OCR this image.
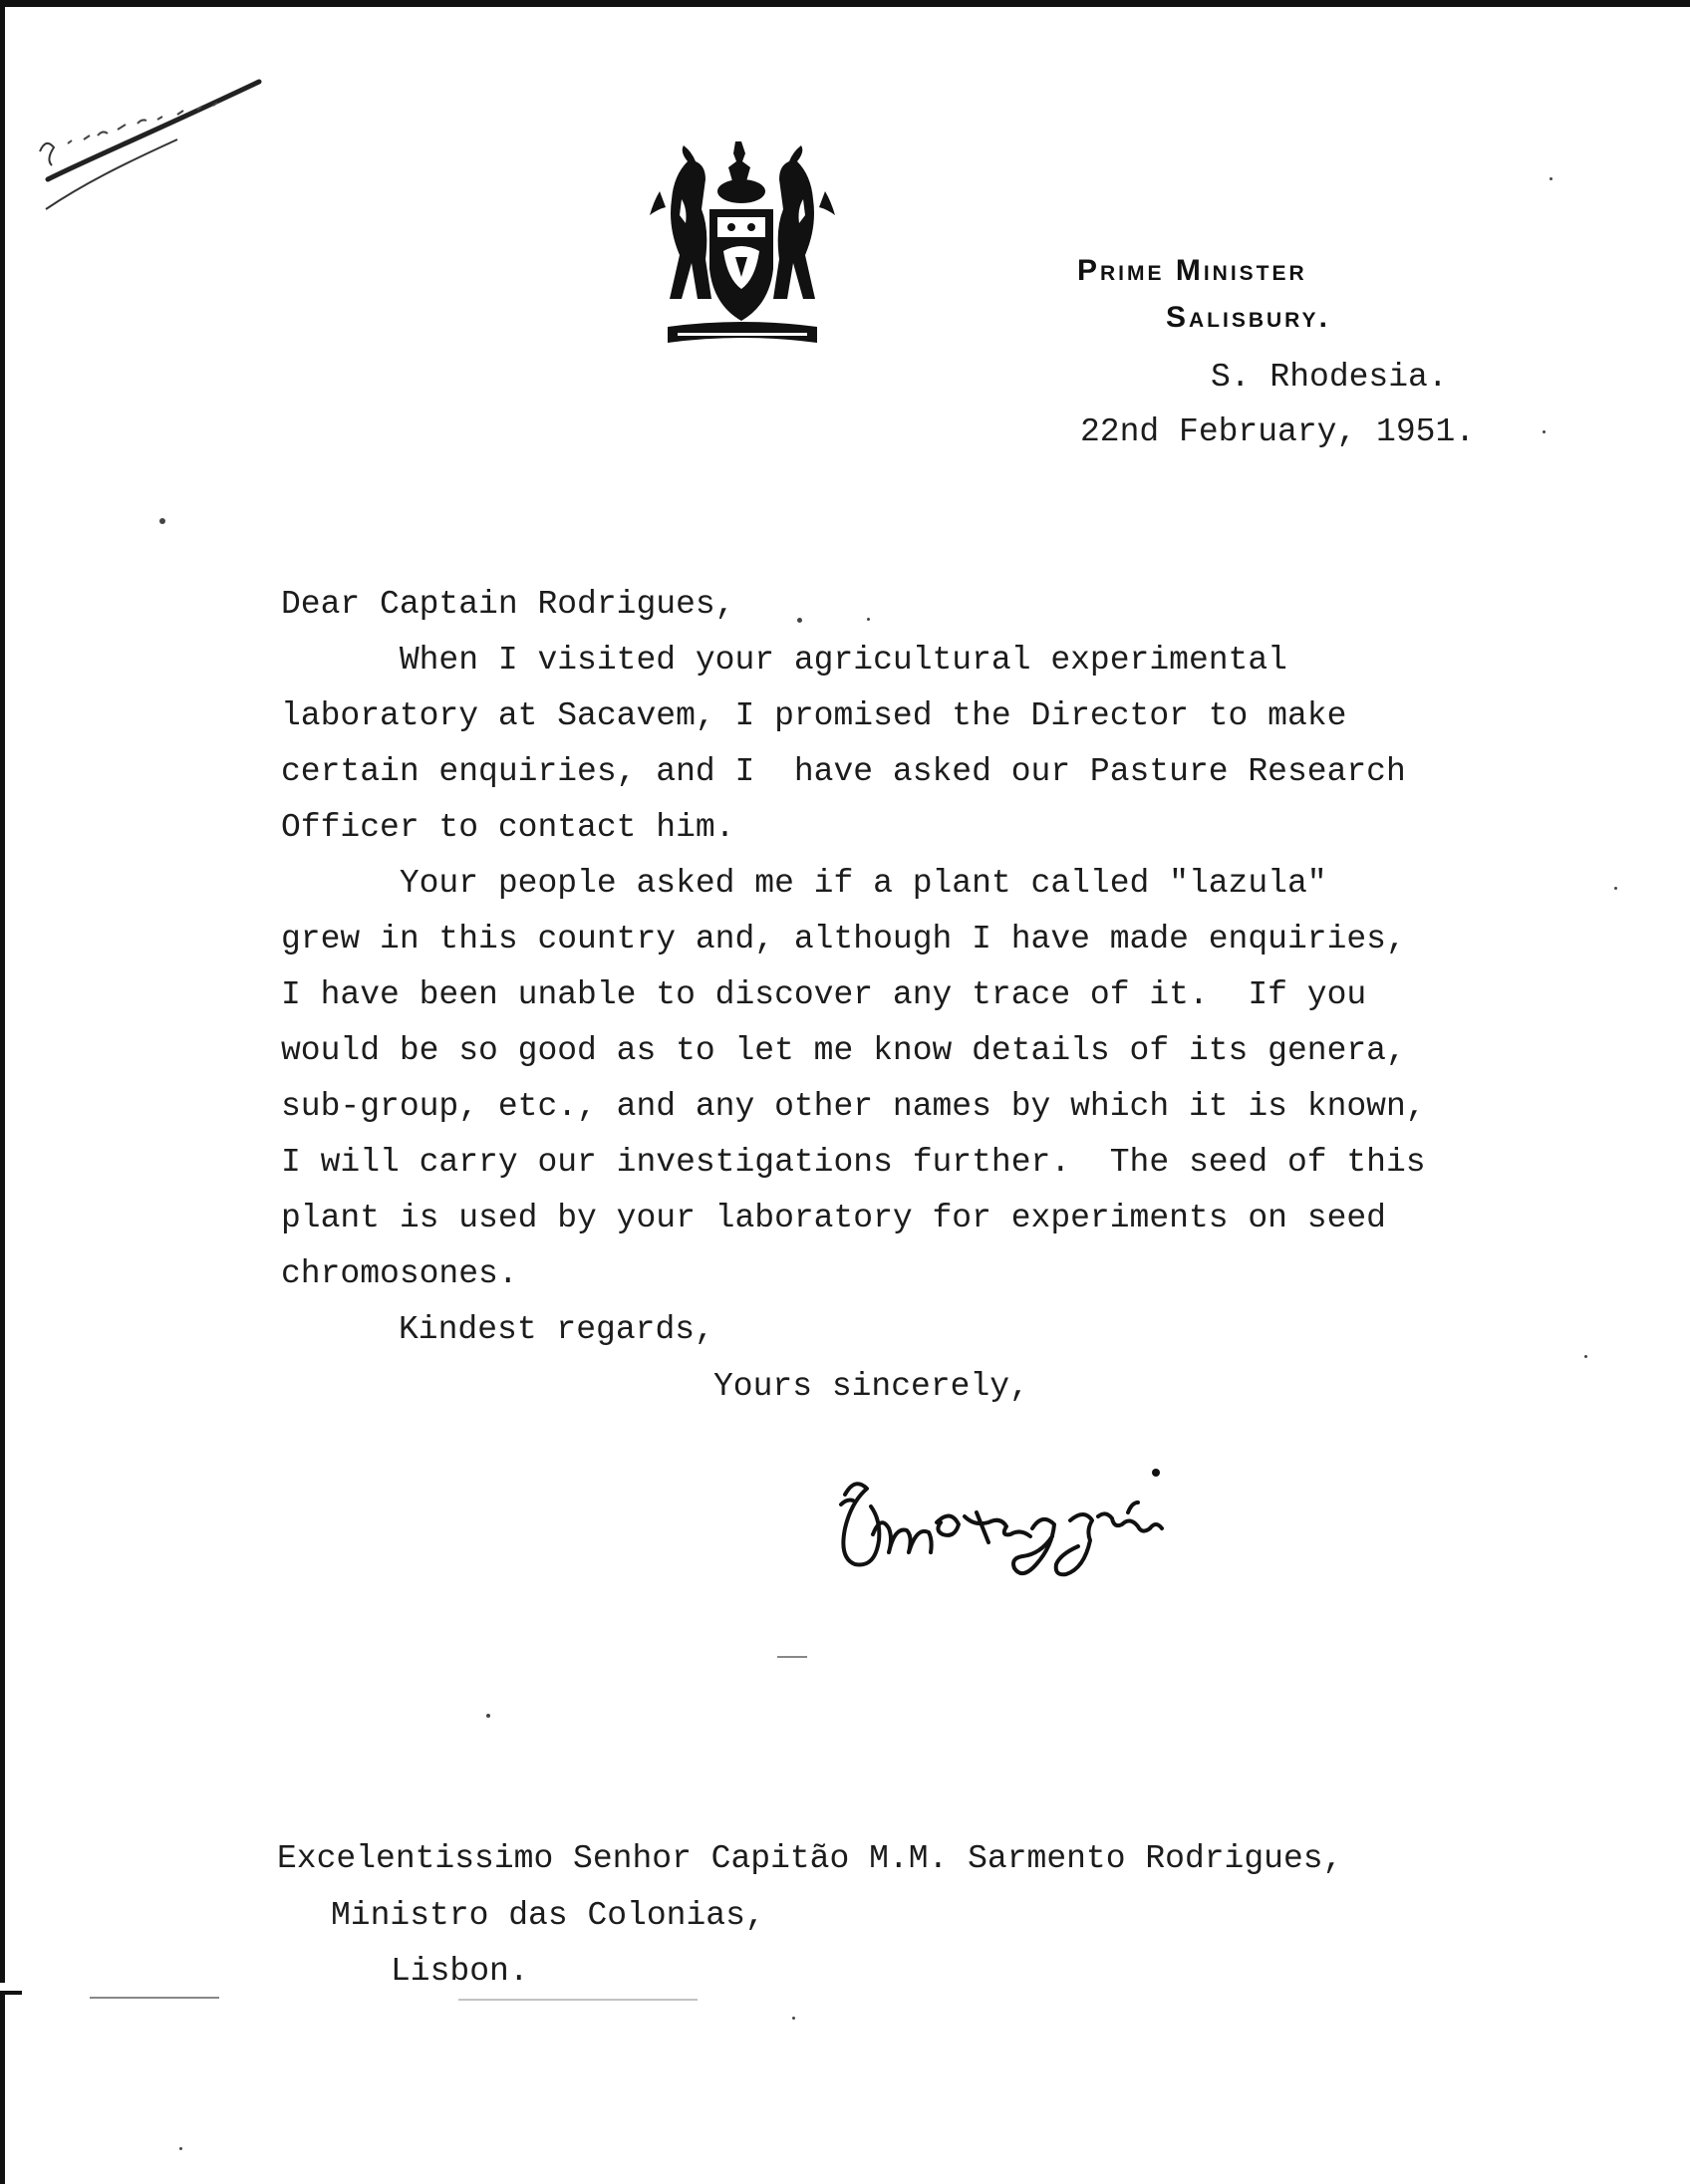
Prime Minister
Salisbury.
S. Rhodesia.
22nd February, 1951.
Dear Captain Rodrigues,
When I visited your agricultural experimental
laboratory at Sacavem, I promised the Director to make
certain enquiries, and I  have asked our Pasture Research
Officer to contact him.
Your people asked me if a plant called "lazula"
grew in this country and, although I have made enquiries,
I have been unable to discover any trace of it.  If you
would be so good as to let me know details of its genera,
sub-group, etc., and any other names by which it is known,
I will carry our investigations further.  The seed of this
plant is used by your laboratory for experiments on seed
chromosones.
Kindest regards,
Yours sincerely,
Excelentissimo Senhor Capitão M.M. Sarmento Rodrigues,
Ministro das Colonias,
Lisbon.
